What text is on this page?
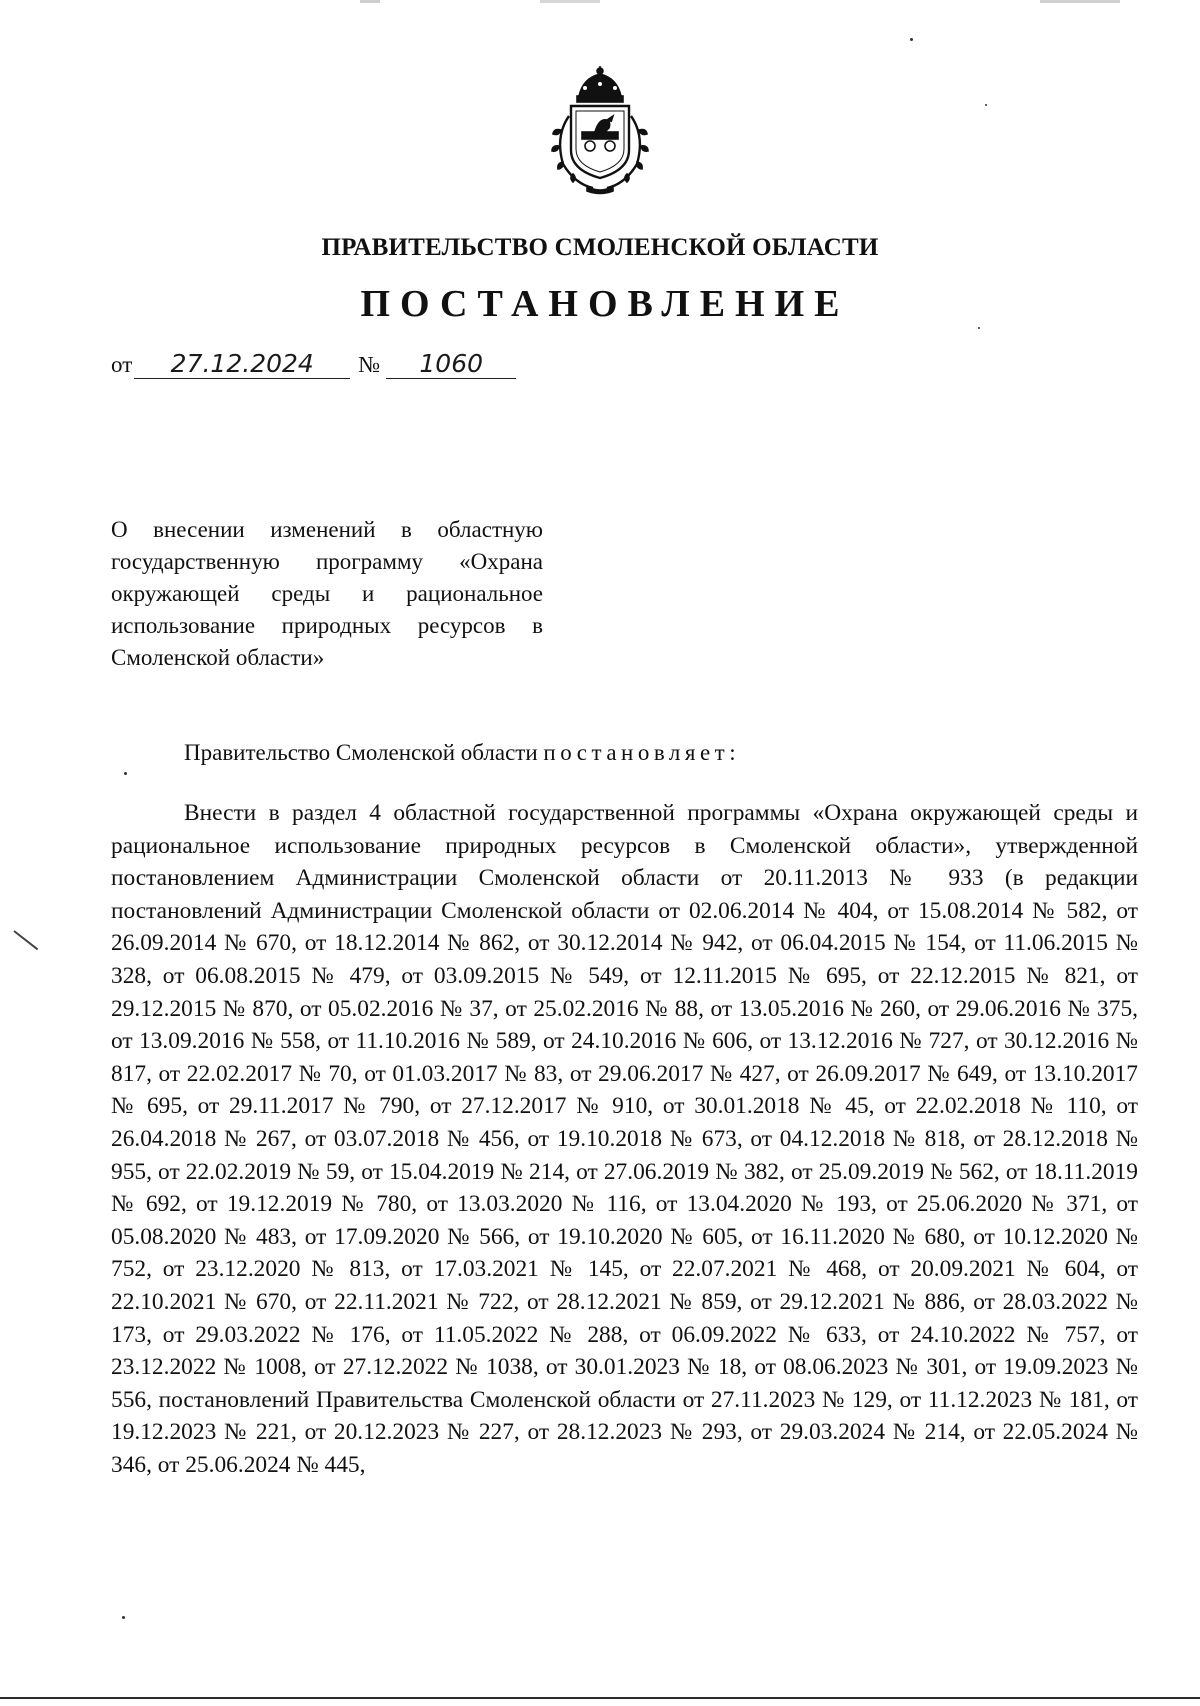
ПРАВИТЕЛЬСТВО СМОЛЕНСКОЙ ОБЛАСТИ
ПОСТАНОВЛЕНИЕ
от 27.12.2024 № 1060
О внесении изменений в областную государственную программу «Охрана окружающей среды и рациональное использование природных ресурсов в Смоленской области»
Правительство Смоленской области постановляет:

Внести в раздел 4 областной государственной программы «Охрана окружающей среды и рациональное использование природных ресурсов в Смоленской области», утвержденной постановлением Администрации Смоленской области от 20.11.2013 № 933 (в редакции постановлений Администрации Смоленской области от 02.06.2014 № 404, от 15.08.2014 № 582, от 26.09.2014 № 670, от 18.12.2014 № 862, от 30.12.2014 № 942, от 06.04.2015 № 154, от 11.06.2015 № 328, от 06.08.2015 № 479, от 03.09.2015 № 549, от 12.11.2015 № 695, от 22.12.2015 № 821, от 29.12.2015 № 870, от 05.02.2016 № 37, от 25.02.2016 № 88, от 13.05.2016 № 260, от 29.06.2016 № 375, от 13.09.2016 № 558, от 11.10.2016 № 589, от 24.10.2016 № 606, от 13.12.2016 № 727, от 30.12.2016 № 817, от 22.02.2017 № 70, от 01.03.2017 № 83, от 29.06.2017 № 427, от 26.09.2017 № 649, от 13.10.2017 № 695, от 29.11.2017 № 790, от 27.12.2017 № 910, от 30.01.2018 № 45, от 22.02.2018 № 110, от 26.04.2018 № 267, от 03.07.2018 № 456, от 19.10.2018 № 673, от 04.12.2018 № 818, от 28.12.2018 № 955, от 22.02.2019 № 59, от 15.04.2019 № 214, от 27.06.2019 № 382, от 25.09.2019 № 562, от 18.11.2019 № 692, от 19.12.2019 № 780, от 13.03.2020 № 116, от 13.04.2020 № 193, от 25.06.2020 № 371, от 05.08.2020 № 483, от 17.09.2020 № 566, от 19.10.2020 № 605, от 16.11.2020 № 680, от 10.12.2020 № 752, от 23.12.2020 № 813, от 17.03.2021 № 145, от 22.07.2021 № 468, от 20.09.2021 № 604, от 22.10.2021 № 670, от 22.11.2021 № 722, от 28.12.2021 № 859, от 29.12.2021 № 886, от 28.03.2022 № 173, от 29.03.2022 № 176, от 11.05.2022 № 288, от 06.09.2022 № 633, от 24.10.2022 № 757, от 23.12.2022 № 1008, от 27.12.2022 № 1038, от 30.01.2023 № 18, от 08.06.2023 № 301, от 19.09.2023 № 556, постановлений Правительства Смоленской области от 27.11.2023 № 129, от 11.12.2023 № 181, от 19.12.2023 № 221, от 20.12.2023 № 227, от 28.12.2023 № 293, от 29.03.2024 № 214, от 22.05.2024 № 346, от 25.06.2024 № 445,
